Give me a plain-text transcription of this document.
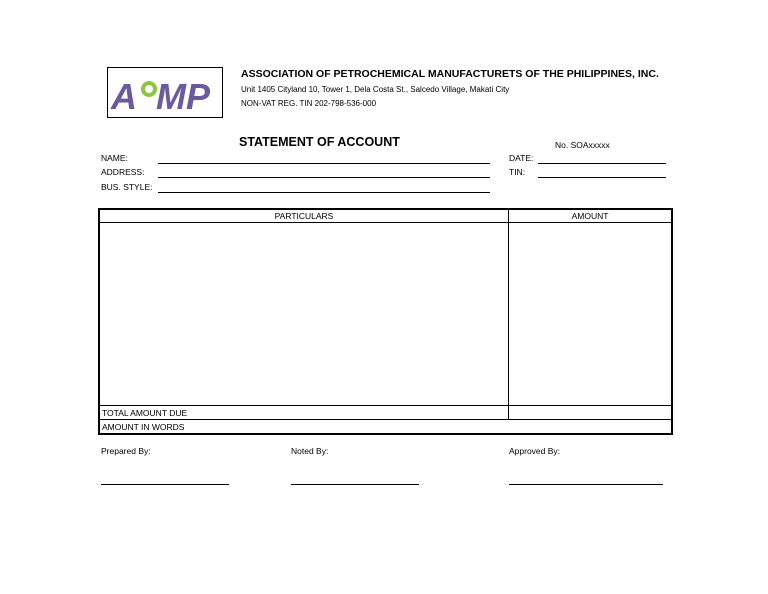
A MP
ASSOCIATION OF PETROCHEMICAL MANUFACTURETS OF THE PHILIPPINES, INC.
Unit 1405 Cityland 10, Tower 1, Dela Costa St., Salcedo Village, Makati City
NON-VAT REG. TIN 202-798-536-000
STATEMENT OF ACCOUNT	No. SOAxxxxx
NAME:
ADDRESS:
BUS. STYLE:
DATE:
TIN:
PARTICULARS	AMOUNT

TOTAL AMOUNT DUE	
AMOUNT IN WORDS	
Prepared By:	Noted By:	Approved By:
